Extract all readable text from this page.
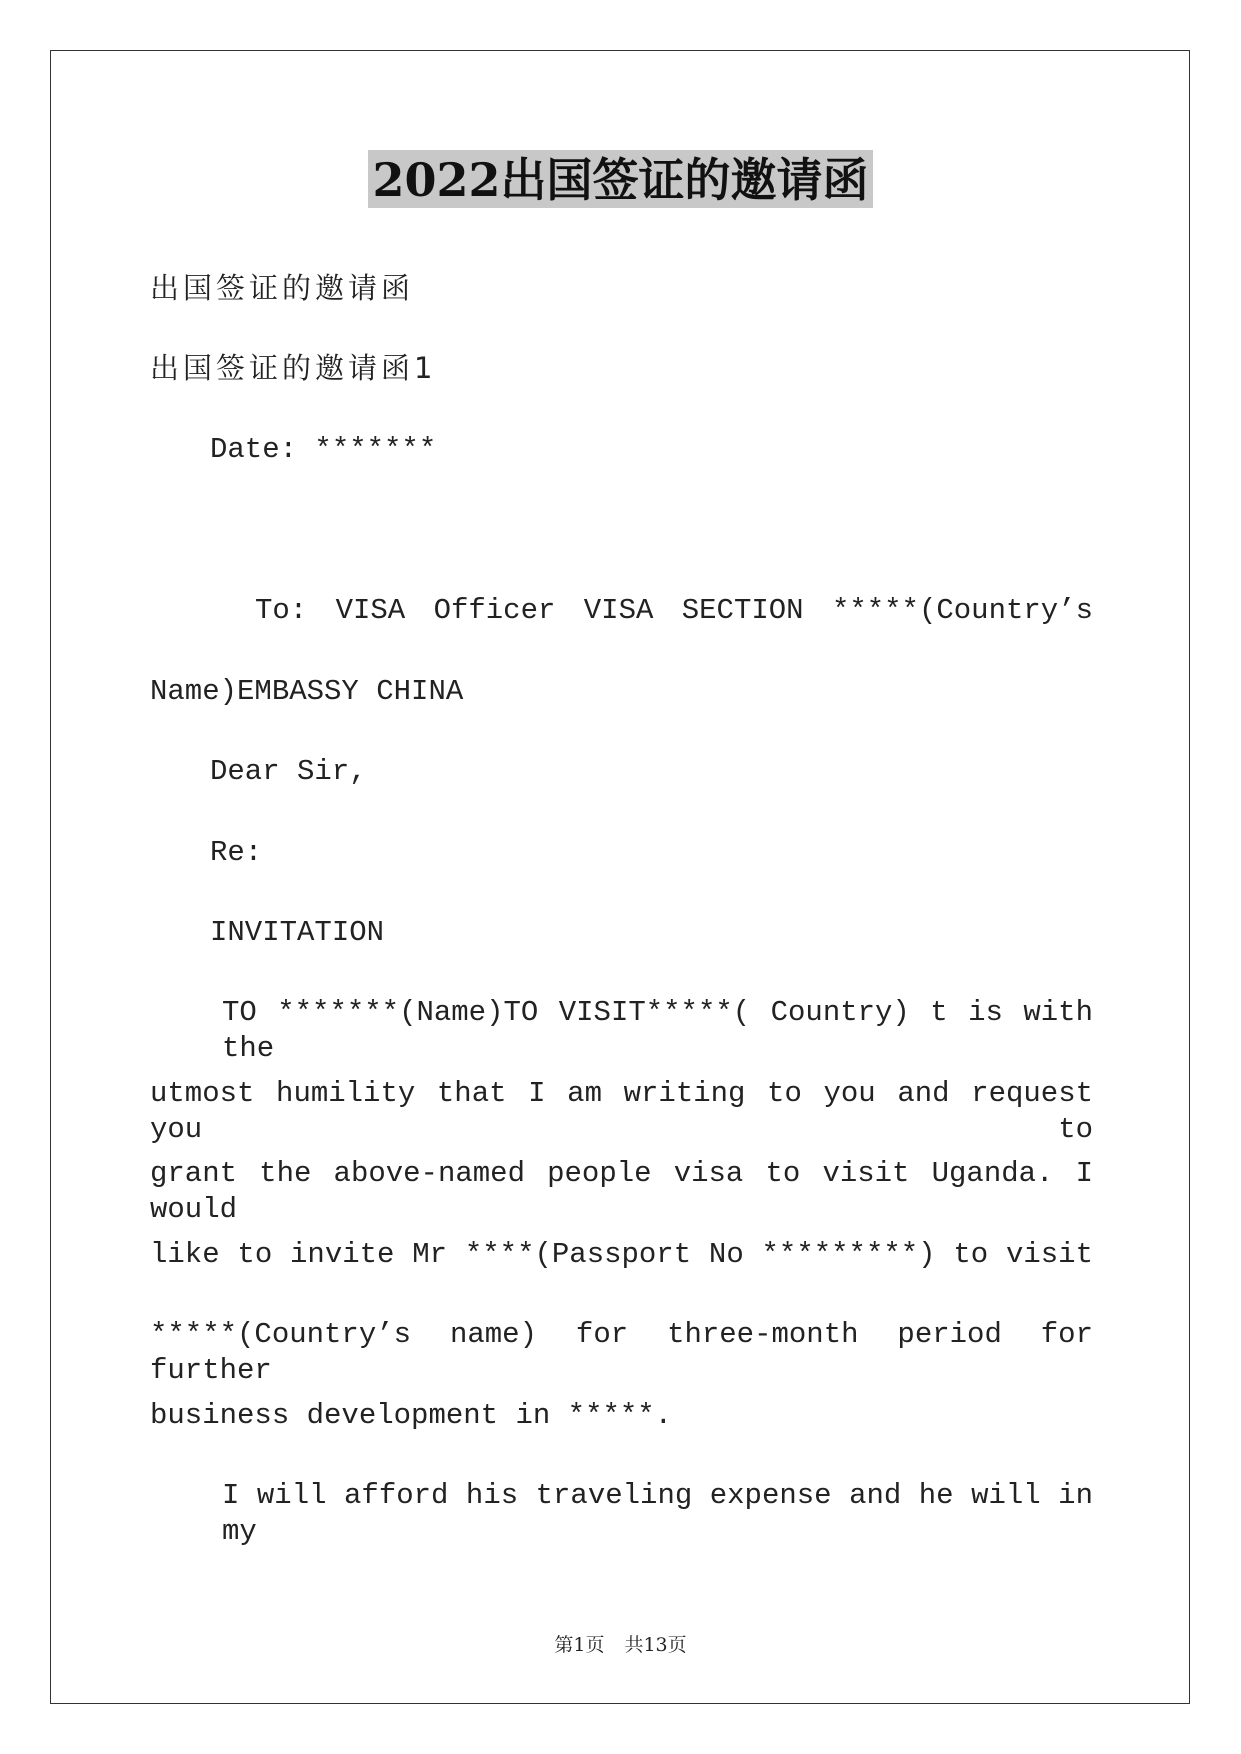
2022出国签证的邀请函
出国签证的邀请函
出国签证的邀请函1
Date: *******
To: VISA Officer VISA SECTION *****(Country’s
Name)EMBASSY CHINA
Dear Sir,
Re:
INVITATION
TO *******(Name)TO VISIT*****( Country) t is with the
utmost humility that I am writing to you and request you to
grant the above-named people visa to visit Uganda. I would
like to invite Mr ****(Passport No *********) to visit
*****(Country’s name) for three-month period for further
business development in *****.
I will afford his traveling expense and he will in my
第1页 共13页
